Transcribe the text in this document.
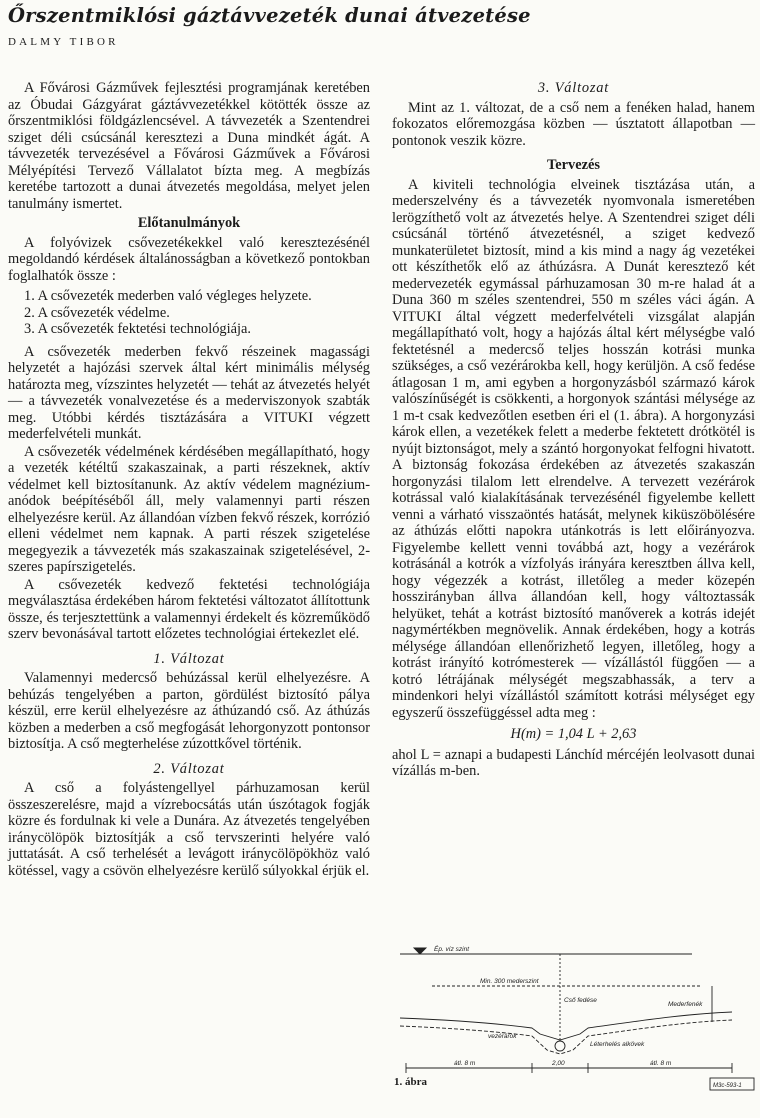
Őrszentmiklósi gáztávvezeték dunai átvezetése
DALMY TIBOR

A Fővárosi Gázművek fejlesztési programjának keretében az Óbudai Gázgyárat gáztávvezetékkel kötötték össze az őrszentmiklósi földgázlencsével. A távvezeték a Szentendrei sziget déli csúcsánál keresztezi a Duna mindkét ágát. A távvezeték tervezésével a Fővárosi Gázművek a Fővárosi Mélyépítési Tervező Vállalatot bízta meg. A megbízás keretébe tartozott a dunai átvezetés megoldása, melyet jelen tanulmány ismertet.

Előtanulmányok

A folyóvizek csővezetékekkel való keresztezésénél megoldandó kérdések általánosságban a következő pontokban foglalhatók össze :

1. A csővezeték mederben való végleges helyzete.
2. A csővezeték védelme.
3. A csővezeték fektetési technológiája.

A csővezeték mederben fekvő részeinek magassági helyzetét a hajózási szervek által kért minimális mélység határozta meg, vízszintes helyzetét — tehát az átvezetés helyét — a távvezeték vonalvezetése és a mederviszonyok szabták meg. Utóbbi kérdés tisztázására a VITUKI végzett mederfelvételi munkát.

A csővezeték védelmének kérdésében megállapítható, hogy a vezeték kétéltű szakaszainak, a parti részeknek, aktív védelmet kell biztosítanunk. Az aktív védelem magnézium-anódok beépítéséből áll, mely valamennyi parti részen elhelyezésre kerül. Az állandóan vízben fekvő részek, korrózió elleni védelmet nem kapnak. A parti részek szigetelése megegyezik a távvezeték más szakaszainak szigetelésével, 2-szeres papírszigetelés.

A csővezeték kedvező fektetési technológiája megválasztása érdekében három fektetési változatot állítottunk össze, és terjesztettünk a valamennyi érdekelt és közreműködő szerv bevonásával tartott előzetes technológiai értekezlet elé.

1. Változat

Valamennyi medercső behúzással kerül elhelyezésre. A behúzás tengelyében a parton, gördülést biztosító pálya készül, erre kerül elhelyezésre az áthúzandó cső. Az áthúzás közben a mederben a cső megfogását lehorgonyzott pontonsor biztosítja. A cső megterhelése zúzottkővel történik.

2. Változat

A cső a folyástengellyel párhuzamosan kerül összeszerelésre, majd a vízrebocsátás után úszótagok fogják közre és fordulnak ki vele a Dunára. Az átvezetés tengelyében iránycölöpök biztosítják a cső tervszerinti helyére való juttatását. A cső terhelését a levágott iránycölöpökhöz való kötéssel, vagy a csövön elhelyezésre kerülő súlyokkal érjük el.

3. Változat

Mint az 1. változat, de a cső nem a fenéken halad, hanem fokozatos előremozgása közben — úsztatott állapotban — pontonok veszik közre.

Tervezés

A kiviteli technológia elveinek tisztázása után, a mederszelvény és a távvezeték nyomvonala ismeretében lerögzíthető volt az átvezetés helye. A Szentendrei sziget déli csúcsánál történő átvezetésnél, a sziget kedvező munkaterületet biztosít, mind a kis mind a nagy ág vezetékei ott készíthetők elő az áthúzásra. A Dunát keresztező két medervezeték egymással párhuzamosan 30 m-re halad át a Duna 360 m széles szentendrei, 550 m széles váci ágán. A VITUKI által végzett mederfelvételi vizsgálat alapján megállapítható volt, hogy a hajózás által kért mélységbe való fektetésnél a medercső teljes hosszán kotrási munka szükséges, a cső vezérárokba kell, hogy kerüljön. A cső fedése átlagosan 1 m, ami egyben a horgonyzásból származó károk valószínűségét is csökkenti, a horgonyok szántási mélysége az 1 m-t csak kedvezőtlen esetben éri el (1. ábra). A horgonyzási károk ellen, a vezetékek felett a mederbe fektetett drótkötél is nyújt biztonságot, mely a szántó horgonyokat felfogni hivatott. A biztonság fokozása érdekében az átvezetés szakaszán horgonyzási tilalom lett elrendelve. A tervezett vezérárok kotrással való kialakításának tervezésénél figyelembe kellett venni a várható visszaöntés hatását, melynek kiküszöbölésére az áthúzás előtti napokra utánkotrás is lett előirányozva. Figyelembe kellett venni továbbá azt, hogy a vezérárok kotrásánál a kotrók a vízfolyás irányára keresztben állva kell, hogy végezzék a kotrást, illetőleg a meder közepén hosszirányban állva állandóan kell, hogy változtassák helyüket, tehát a kotrást biztosító manőverek a kotrás idejét nagymértékben megnövelik. Annak érdekében, hogy a kotrás mélysége állandóan ellenőrizhető legyen, illetőleg, hogy a kotrást irányító kotrómesterek — vízállástól függően — a kotró létrájának mélységét megszabhassák, a terv a mindenkori helyi vízállástól számított kotrási mélységet egy egyszerű összefüggéssel adta meg :

H(m) = 1,04 L + 2,63

ahol L = aznapi a budapesti Lánchíd mércéjén leolvasott dunai vízállás m-ben.

Ép. víz szint
Min. 300 mederszint
vezérárok
Mederfenék
Léterhelés alkövek
Cső fedése
átl. 8 m	2,00	átl. 8 m
M3c-593-1
1. ábra
